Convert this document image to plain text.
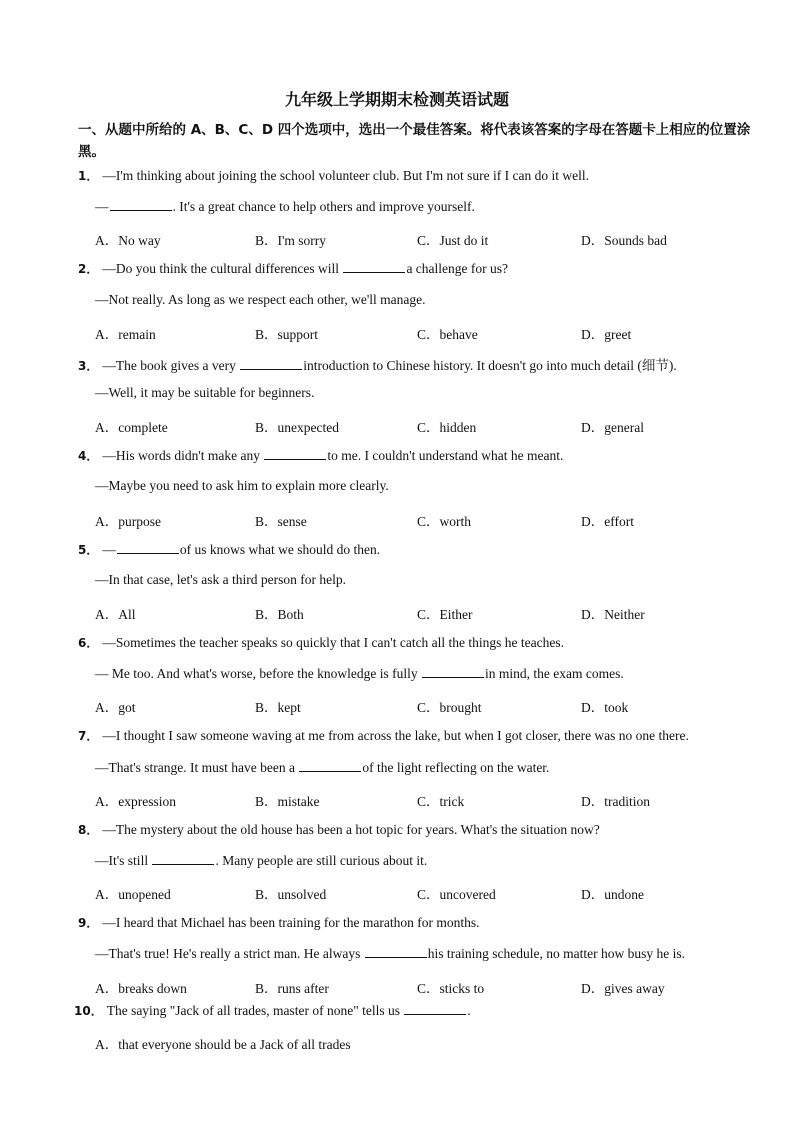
九年级上学期期末检测英语试题
一、从题中所给的 A、B、C、D 四个选项中，选出一个最佳答案。将代表该答案的字母在答题卡上相应的位置涂黑。
1． —I'm thinking about joining the school volunteer club. But I'm not sure if I can do it well.
—	. It's a great chance to help others and improve yourself.
A．No way	B．I'm sorry	C．Just do it	D．Sounds bad
2． —Do you think the cultural differences will	a challenge for us?
—Not really. As long as we respect each other, we'll manage.
A．remain	B．support	C．behave	D．greet
3． —The book gives a very	introduction to Chinese history. It doesn't go into much detail (细节).
—Well, it may be suitable for beginners.
A．complete	B．unexpected	C．hidden	D．general
4． —His words didn't make any	to me. I couldn't understand what he meant.
—Maybe you need to ask him to explain more clearly.
A．purpose	B．sense	C．worth	D．effort
5． —	of us knows what we should do then.
—In that case, let's ask a third person for help.
A．All	B．Both	C．Either	D．Neither
6． —Sometimes the teacher speaks so quickly that I can't catch all the things he teaches.
— Me too. And what's worse, before the knowledge is fully	in mind, the exam comes.
A．got	B．kept	C．brought	D．took
7． —I thought I saw someone waving at me from across the lake, but when I got closer, there was no one there.
—That's strange. It must have been a	of the light reflecting on the water.
A．expression	B．mistake	C．trick	D．tradition
8． —The mystery about the old house has been a hot topic for years. What's the situation now?
—It's still	. Many people are still curious about it.
A．unopened	B．unsolved	C．uncovered	D．undone
9． —I heard that Michael has been training for the marathon for months.
—That's true! He's really a strict man. He always	his training schedule, no matter how busy he is.
A．breaks down	B．runs after	C．sticks to	D．gives away
10． The saying "Jack of all trades, master of none" tells us	.
A．that everyone should be a Jack of all trades
